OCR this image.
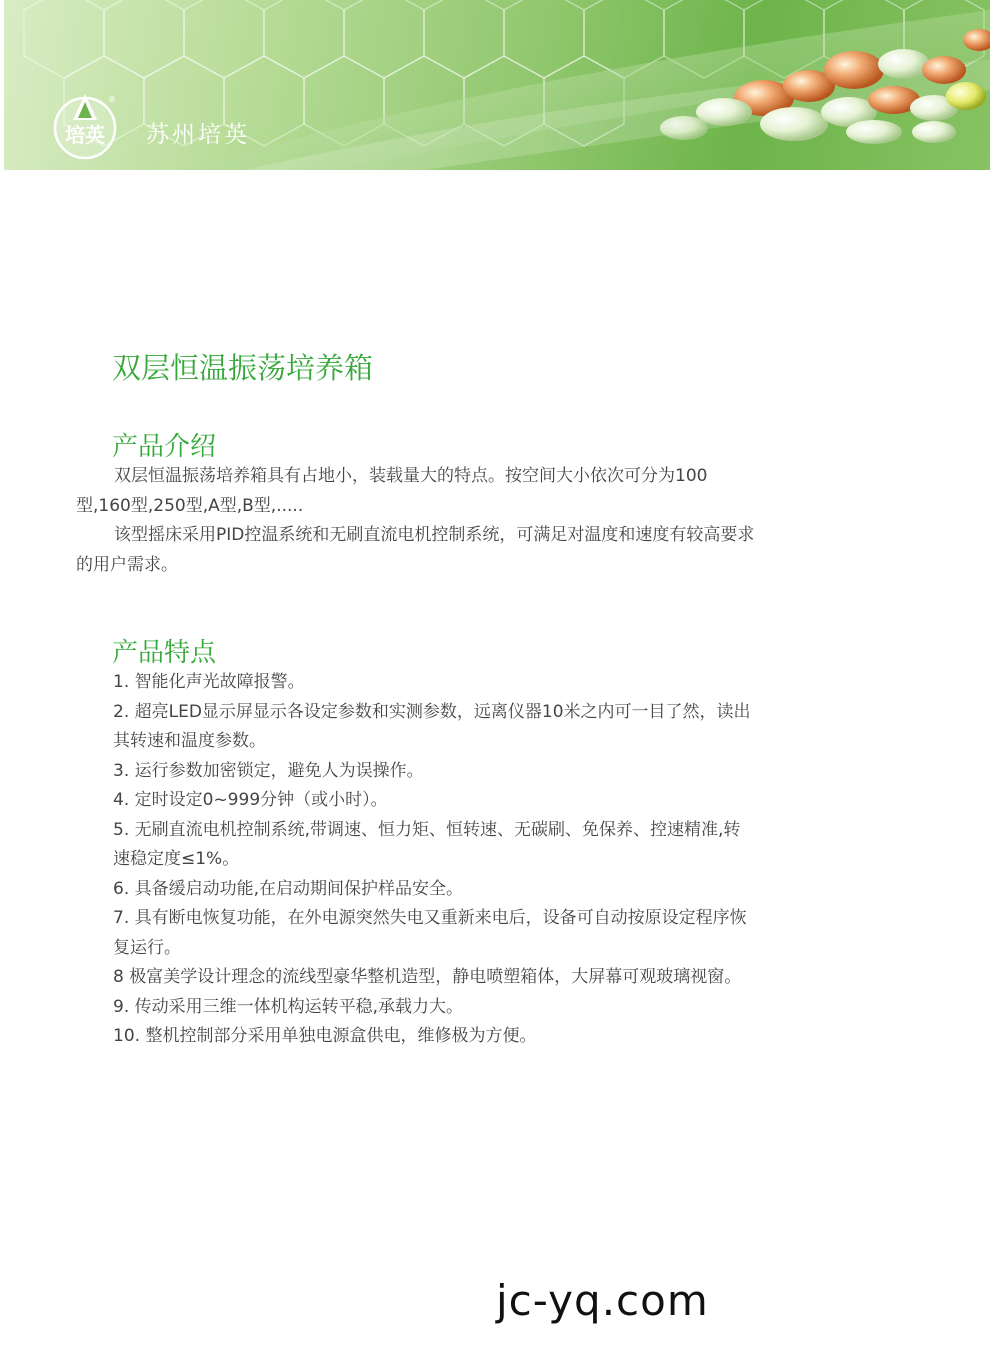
培英
®
苏州培英
双层恒温振荡培养箱
产品介绍

双层恒温振荡培养箱具有占地小，装载量大的特点。按空间大小依次可分为100型,160型,250型,A型,B型,.....

该型摇床采用PID控温系统和无刷直流电机控制系统，可满足对温度和速度有较高要求的用户需求。

产品特点
1. 智能化声光故障报警。
2. 超亮LED显示屏显示各设定参数和实测参数，远离仪器10米之内可一目了然，读出其转速和温度参数。
3. 运行参数加密锁定，避免人为误操作。
4. 定时设定0~999分钟（或小时）。
5. 无刷直流电机控制系统,带调速、恒力矩、恒转速、无碳刷、免保养、控速精准,转速稳定度≤1%。
6. 具备缓启动功能,在启动期间保护样品安全。
7. 具有断电恢复功能，在外电源突然失电又重新来电后，设备可自动按原设定程序恢复运行。
8 极富美学设计理念的流线型豪华整机造型，静电喷塑箱体，大屏幕可观玻璃视窗。
9. 传动采用三维一体机构运转平稳,承载力大。
10. 整机控制部分采用单独电源盒供电，维修极为方便。
jc-yq.com
